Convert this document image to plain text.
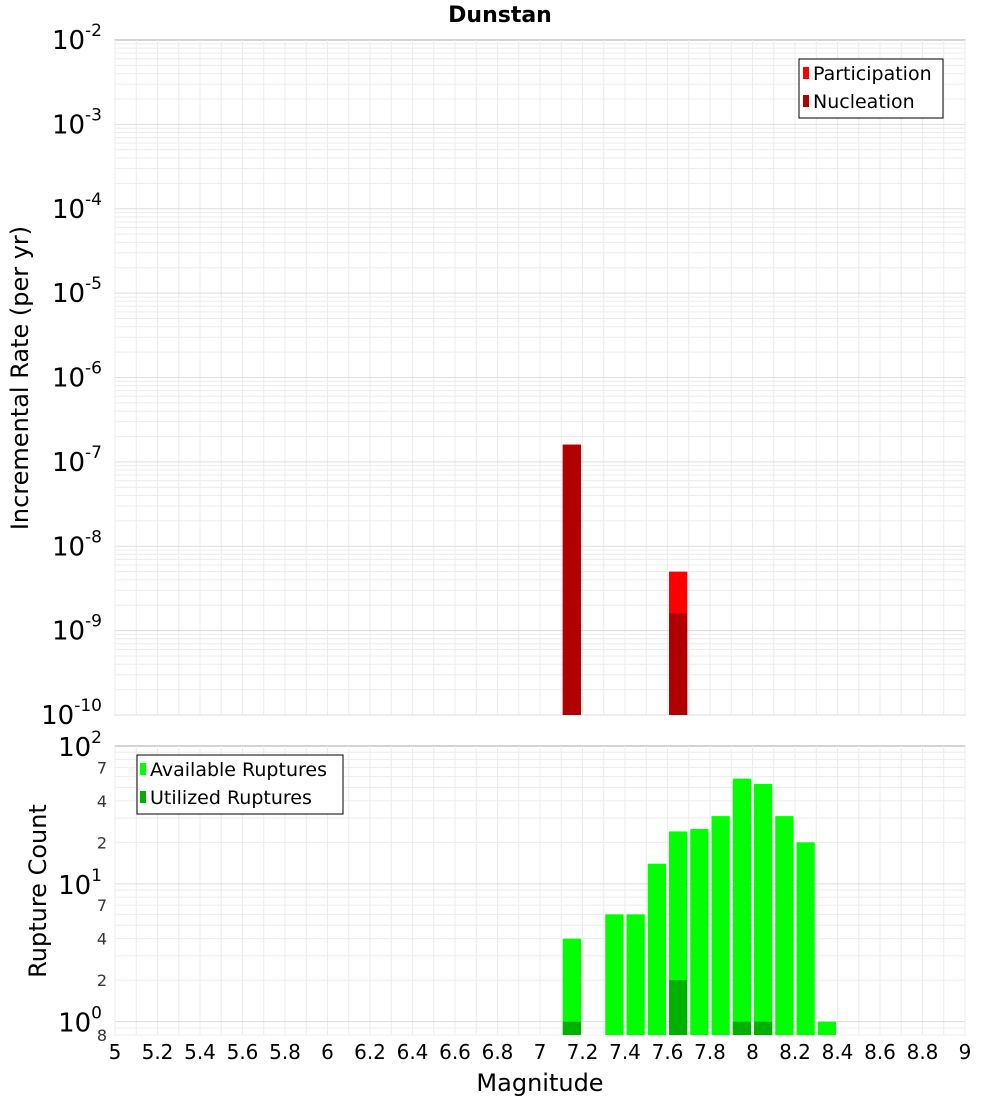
Dunstan
10-2
10-3
10-4
10-5
10-6
10-7
10-8
10-9
10-10
Incremental Rate (per yr)
Participation
Nucleation
100
101
102
8
2
4
7
2
4
7
5 5.2 5.4 5.6 5.8 6 6.2 6.4 6.6 6.8 7 7.2 7.4 7.6 7.8 8 8.2 8.4 8.6 8.8 9
Rupture Count
Magnitude
Available Ruptures
Utilized Ruptures
